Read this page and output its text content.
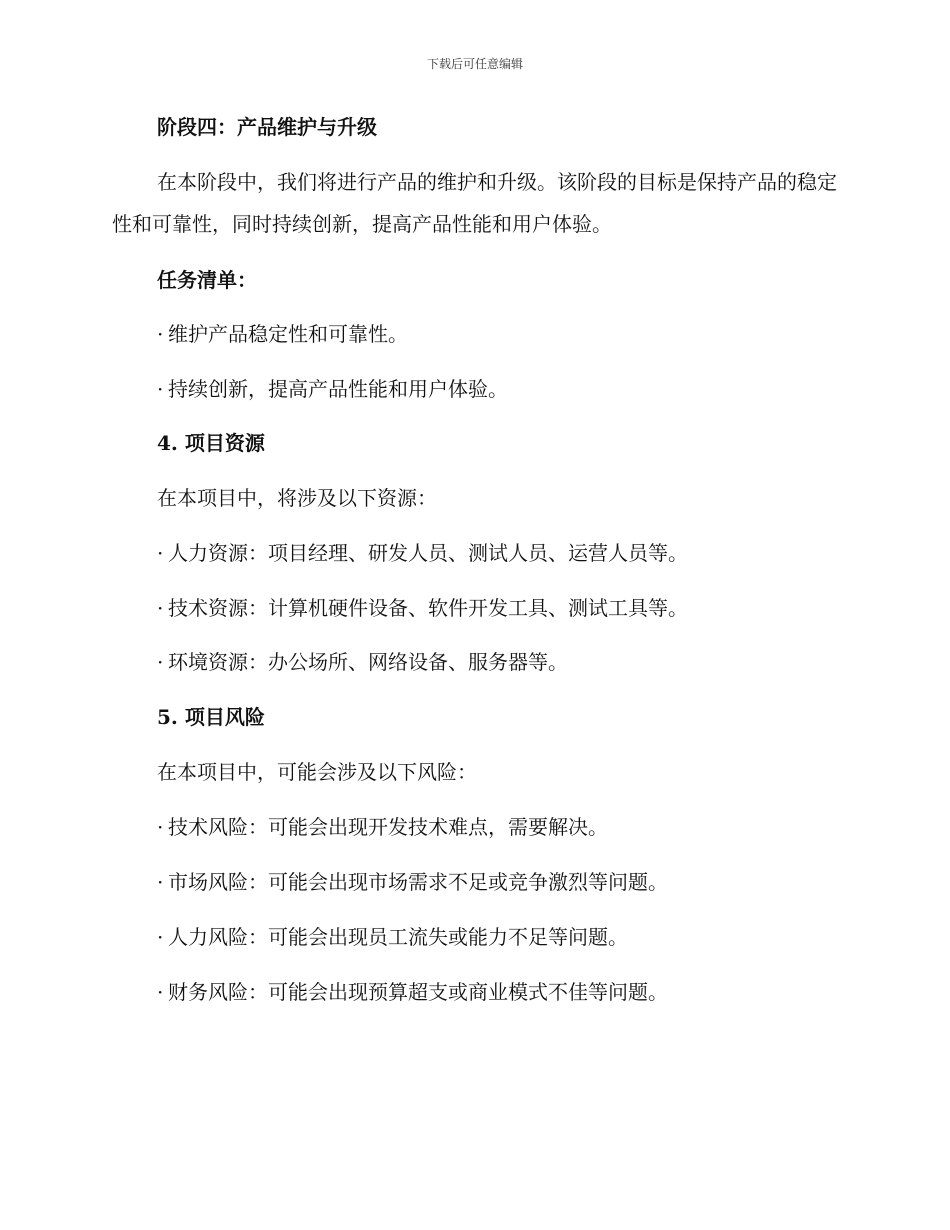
下载后可任意编辑
阶段四：产品维护与升级
在本阶段中，我们将进行产品的维护和升级。该阶段的目标是保持产品的稳定性和可靠性，同时持续创新，提高产品性能和用户体验。
任务清单：
· 维护产品稳定性和可靠性。
· 持续创新，提高产品性能和用户体验。
4. 项目资源
在本项目中，将涉及以下资源：
· 人力资源：项目经理、研发人员、测试人员、运营人员等。
· 技术资源：计算机硬件设备、软件开发工具、测试工具等。
· 环境资源：办公场所、网络设备、服务器等。
5. 项目风险
在本项目中，可能会涉及以下风险：
· 技术风险：可能会出现开发技术难点，需要解决。
· 市场风险：可能会出现市场需求不足或竞争激烈等问题。
· 人力风险：可能会出现员工流失或能力不足等问题。
· 财务风险：可能会出现预算超支或商业模式不佳等问题。
